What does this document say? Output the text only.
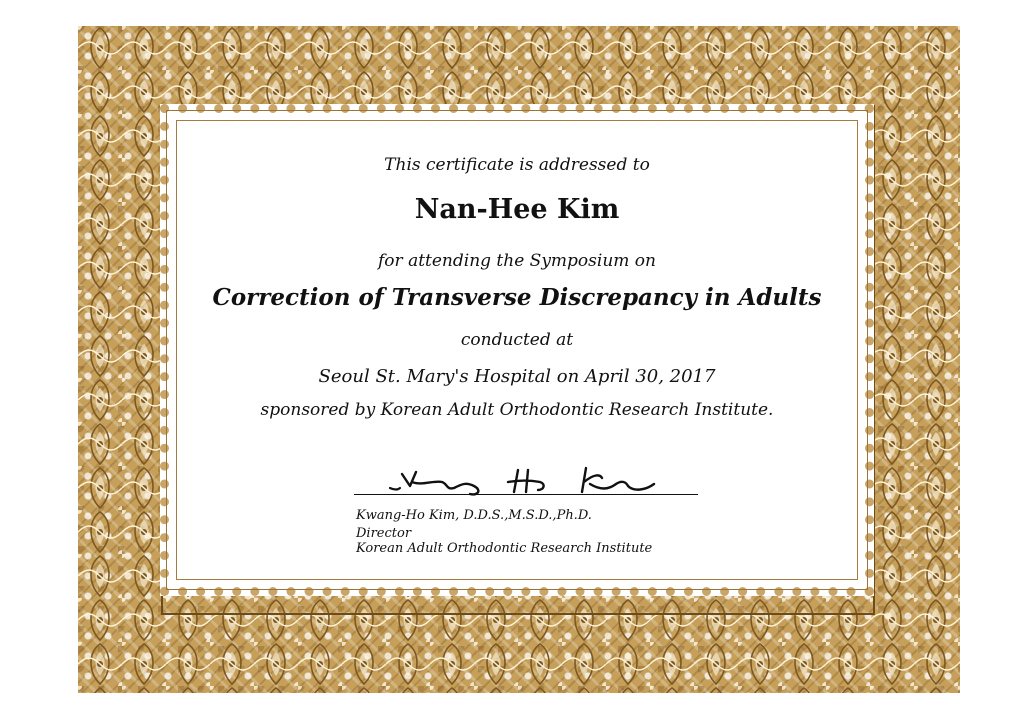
This certificate is addressed to
Nan-Hee Kim
for attending the Symposium on
Correction of Transverse Discrepancy in Adults
conducted at
Seoul St. Mary's Hospital on April 30, 2017
sponsored by Korean Adult Orthodontic Research Institute.
Kwang-Ho Kim, D.D.S.,M.S.D.,Ph.D.
Director
Korean Adult Orthodontic Research Institute
